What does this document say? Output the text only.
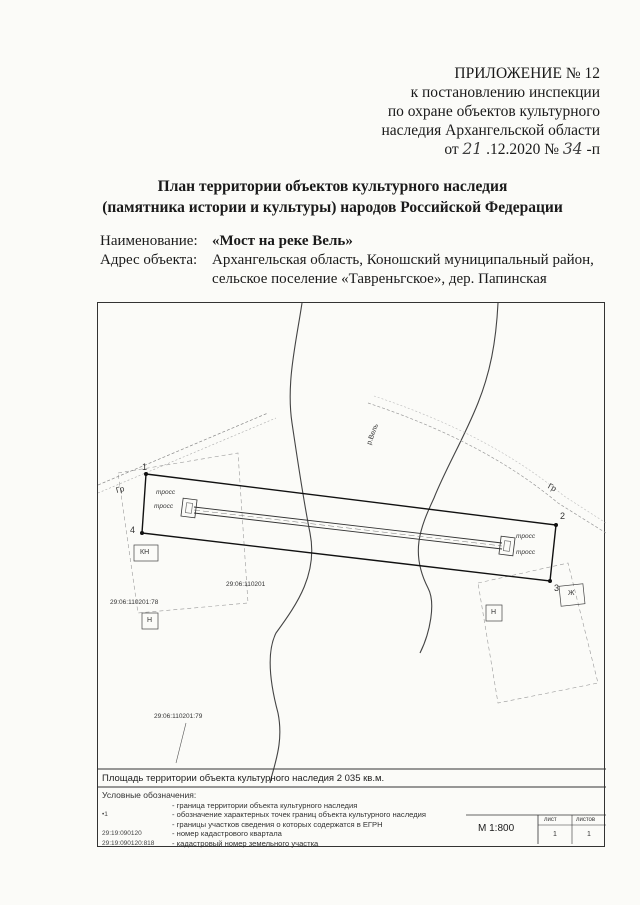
ПРИЛОЖЕНИЕ № 12
к постановлению инспекции
по охране объектов культурного
наследия Архангельской области
от 21 .12.2020 № 34 -п
План территории объектов культурного наследия
(памятника истории и культуры) народов Российской Федерации
Наименование: «Мост на реке Вель»
Адрес объекта: Архангельская область, Коношский муниципальный район,
сельское поселение «Тавреньгское», дер. Папинская
р.Вель
Гр	Гр
тросс
тросс
тросс
тросс
1
2
3
4
КН
Н
Н
Ж
29:06:110201
29:06:110201:78
29:06:110201:79
Площадь территории объекта культурного наследия 2 035 кв.м.
Условные обозначения:
- граница территории объекта культурного наследия
•1	- обозначение характерных точек границ объекта культурного наследия
- границы участков сведения о которых содержатся в ЕГРН
29:19:090120	- номер кадастрового квартала
29:19:090120:818	- кадастровый номер земельного участка
М 1:800
лист	листов
1	1
